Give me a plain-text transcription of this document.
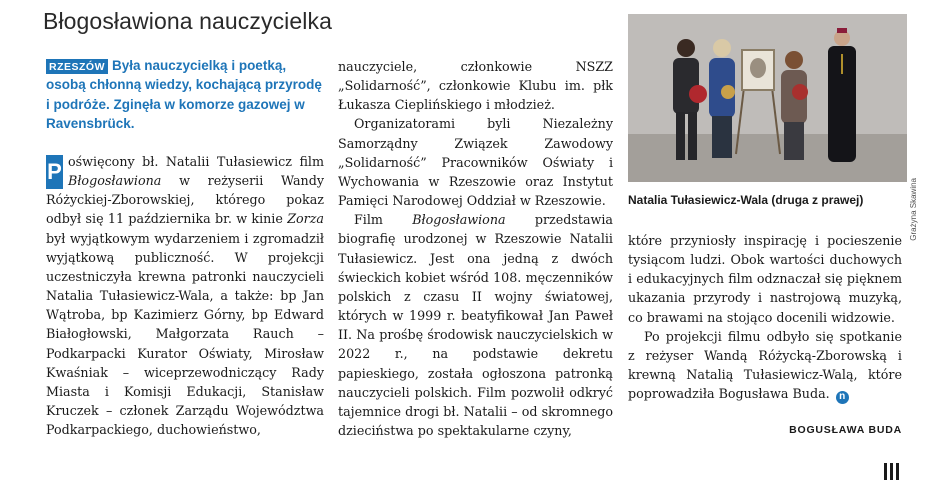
Błogosławiona nauczycielka
RZESZÓW Była nauczycielką i poetką, osobą chłonną wiedzy, kochającą przyrodę i podróże. Zginęła w komorze gazowej w Ravensbrück.

P oświęcony bł. Natalii Tułasiewicz film Błogosławiona w reżyserii Wandy Różyckiej-Zborowskiej, którego pokaz odbył się 11 października br. w kinie Zorza był wyjątkowym wydarzeniem i zgromadził wyjątkową publiczność. W projekcji uczestniczyła krewna patronki nauczycieli Natalia Tułasiewicz-Wala, a także: bp Jan Wątroba, bp Kazimierz Górny, bp Edward Białogłowski, Małgorzata Rauch – Podkarpacki Kurator Oświaty, Mirosław Kwaśniak – wiceprzewodniczący Rady Miasta i Komisji Edukacji, Stanisław Kruczek – członek Zarządu Województwa Podkarpackiego, duchowieństwo,

nauczyciele, członkowie NSZZ „Solidarność”, członkowie Klubu im. płk Łukasza Cieplińskiego i młodzież.

Organizatorami byli Niezależny Samorządny Związek Zawodowy „Solidarność” Pracowników Oświaty i Wychowania w Rzeszowie oraz Instytut Pamięci Narodowej Oddział w Rzeszowie.

Film Błogosławiona przedstawia biografię urodzonej w Rzeszowie Natalii Tułasiewicz. Jest ona jedną z dwóch świeckich kobiet wśród 108. męczenników polskich z czasu II wojny światowej, których w 1999 r. beatyfikował Jan Paweł II. Na prośbę środowisk nauczycielskich w 2022 r., na podstawie dekretu papieskiego, została ogłoszona patronką nauczycieli polskich. Film pozwolił odkryć tajemnice drogi bł. Natalii – od skromnego dzieciństwa po spektakularne czyny,

Grażyna Skawina
Natalia Tułasiewicz-Wala (druga z prawej)

które przyniosły inspirację i pocieszenie tysiącom ludzi. Obok wartości duchowych i edukacyjnych film odznaczał się pięknem ukazania przyrody i nastrojową muzyką, co brawami na stojąco docenili widzowie.

Po projekcji filmu odbyło się spotkanie z reżyser Wandą Różycką-Zborowską i krewną Natalią Tułasiewicz-Walą, które poprowadziła Bogusława Buda. n

BOGUSŁAWA BUDA
